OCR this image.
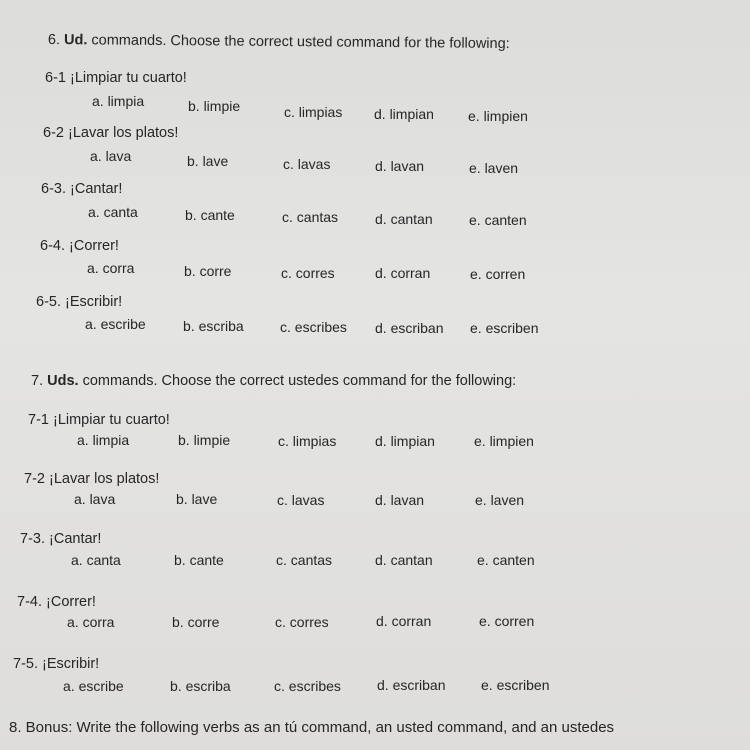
6. Ud. commands. Choose the correct usted command for the following:
6-1 ¡Limpiar tu cuarto!
a. limpia	b. limpie	c. limpias d. limpian e. limpien
6-2 ¡Lavar los platos!
a. lava	b. lave	c. lavas	d. lavan	e. laven
6-3. ¡Cantar!
a. canta	b. cante	c. cantas	d. cantan	e. canten
6-4. ¡Correr!
a. corra	b. corre	c. corres	d. corran	e. corren
6-5. ¡Escribir!
a. escribe	b. escriba	c. escribes d. escriban e. escriben
7. Uds. commands. Choose the correct ustedes command for the following:
7-1 ¡Limpiar tu cuarto!
a. limpia	b. limpie	c. limpias	d. limpian	e. limpien
7-2 ¡Lavar los platos!
a. lava	b. lave	c. lavas	d. lavan	e. laven
7-3. ¡Cantar!
a. canta	b. cante	c. cantas	d. cantan	e. canten
7-4. ¡Correr!
a. corra	b. corre	c. corres	d. corran	e. corren
7-5. ¡Escribir!
a. escribe	b. escriba	c. escribes	d. escriban	e. escriben
8. Bonus: Write the following verbs as an tú command, an usted command, and an ustedes
